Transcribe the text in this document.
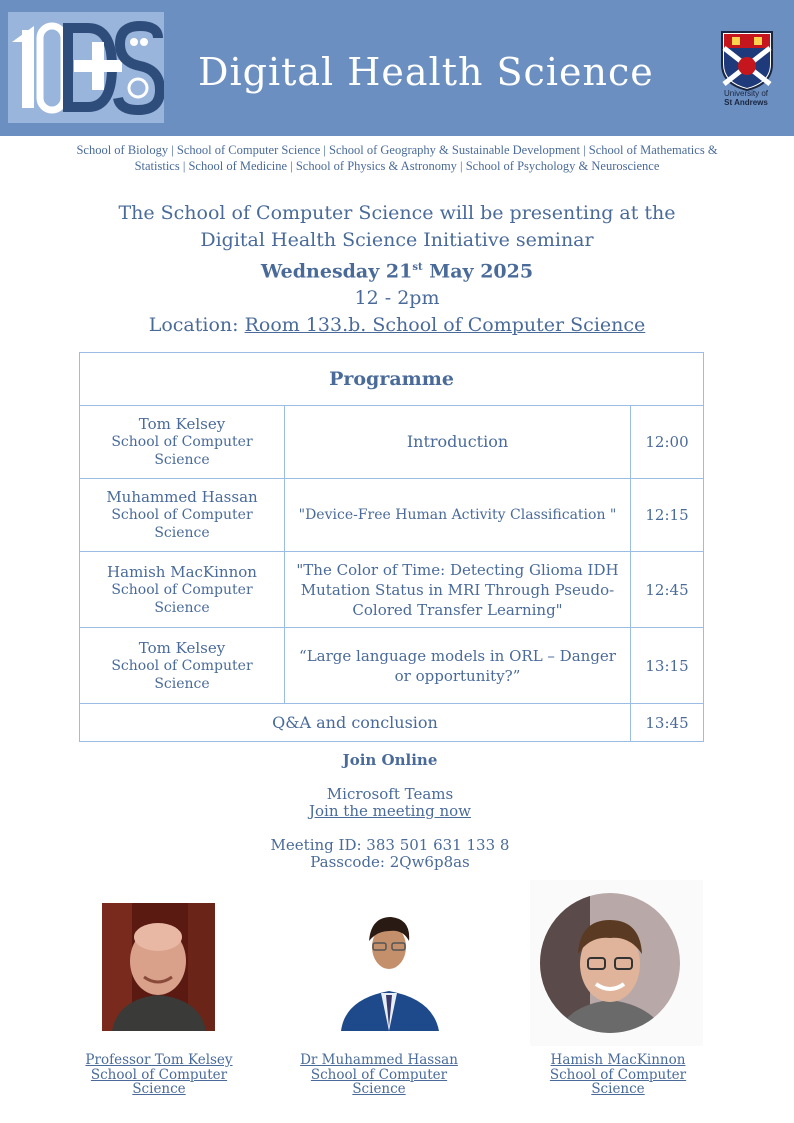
Digital Health Science	University of
St Andrews
School of Biology | School of Computer Science | School of Geography & Sustainable Development | School of Mathematics &
Statistics | School of Medicine | School of Physics & Astronomy | School of Psychology & Neuroscience
The School of Computer Science will be presenting at the
Digital Health Science Initiative seminar
Wednesday 21st May 2025
12 - 2pm
Location: Room 133.b. School of Computer Science
Programme		

Tom Kelsey
School of Computer Science	Introduction	12:00

Muhammed Hassan
School of Computer Science	"Device-Free Human Activity Classification "	12:15

Hamish MacKinnon
School of Computer Science	"The Color of Time: Detecting Glioma IDH Mutation Status in MRI Through Pseudo-Colored Transfer Learning"	12:45

Tom Kelsey
School of Computer Science	“Large language models in ORL – Danger or opportunity?”	13:15
Q&A and conclusion		13:45
Join Online
Microsoft Teams
Join the meeting now
Meeting ID: 383 501 631 133 8
Passcode: 2Qw6p8as
Professor Tom Kelsey
School of Computer
Science
Dr Muhammed Hassan
School of Computer
Science
Hamish MacKinnon
School of Computer
Science
